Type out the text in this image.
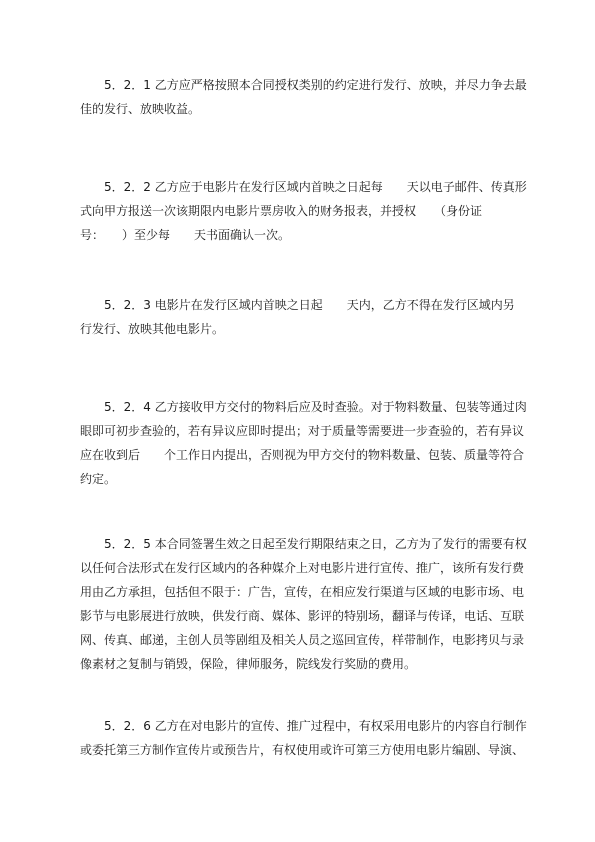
5．2．1 乙方应严格按照本合同授权类别的约定进行发行、放映，并尽力争去最
佳的发行、放映收益。
5．2．2 乙方应于电影片在发行区域内首映之日起每　　天以电子邮件、传真形
式向甲方报送一次该期限内电影片票房收入的财务报表，并授权　　（身份证
号：　　）至少每　　天书面确认一次。
5．2．3 电影片在发行区域内首映之日起　　天内，乙方不得在发行区域内另
行发行、放映其他电影片。
5．2．4 乙方接收甲方交付的物料后应及时查验。对于物料数量、包装等通过肉
眼即可初步查验的，若有异议应即时提出；对于质量等需要进一步查验的，若有异议
应在收到后　　个工作日内提出，否则视为甲方交付的物料数量、包装、质量等符合
约定。
5．2．5 本合同签署生效之日起至发行期限结束之日，乙方为了发行的需要有权
以任何合法形式在发行区域内的各种媒介上对电影片进行宣传、推广，该所有发行费
用由乙方承担，包括但不限于：广告，宣传，在相应发行渠道与区域的电影市场、电
影节与电影展进行放映，供发行商、媒体、影评的特别场，翻译与传译，电话、互联
网、传真、邮递，主创人员等剧组及相关人员之巡回宣传，样带制作，电影拷贝与录
像素材之复制与销毁，保险，律师服务，院线发行奖励的费用。
5．2．6 乙方在对电影片的宣传、推广过程中，有权采用电影片的内容自行制作
或委托第三方制作宣传片或预告片，有权使用或许可第三方使用电影片编剧、导演、
